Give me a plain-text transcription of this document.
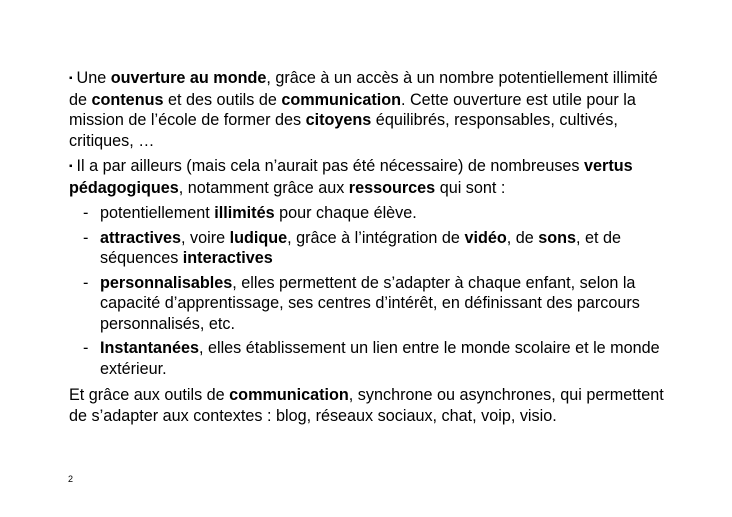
▪ Une ouverture au monde, grâce à un accès à un nombre potentiellement illimité de contenus et des outils de communication. Cette ouverture est utile pour la mission de l’école de former des citoyens équilibrés, responsables, cultivés, critiques, …

▪ Il a par ailleurs (mais cela n’aurait pas été nécessaire) de nombreuses vertus pédagogiques, notamment grâce aux ressources qui sont :

- potentiellement illimités pour chaque élève.
- attractives, voire ludique, grâce à l’intégration de vidéo, de sons, et de séquences interactives
- personnalisables, elles permettent de s’adapter à chaque enfant, selon la capacité d’apprentissage, ses centres d’intérêt, en définissant des parcours personnalisés, etc.
- Instantanées, elles établissement un lien entre le monde scolaire et le monde extérieur.

Et grâce aux outils de communication, synchrone ou asynchrones, qui permettent de s’adapter aux contextes : blog, réseaux sociaux, chat, voip, visio.

2
